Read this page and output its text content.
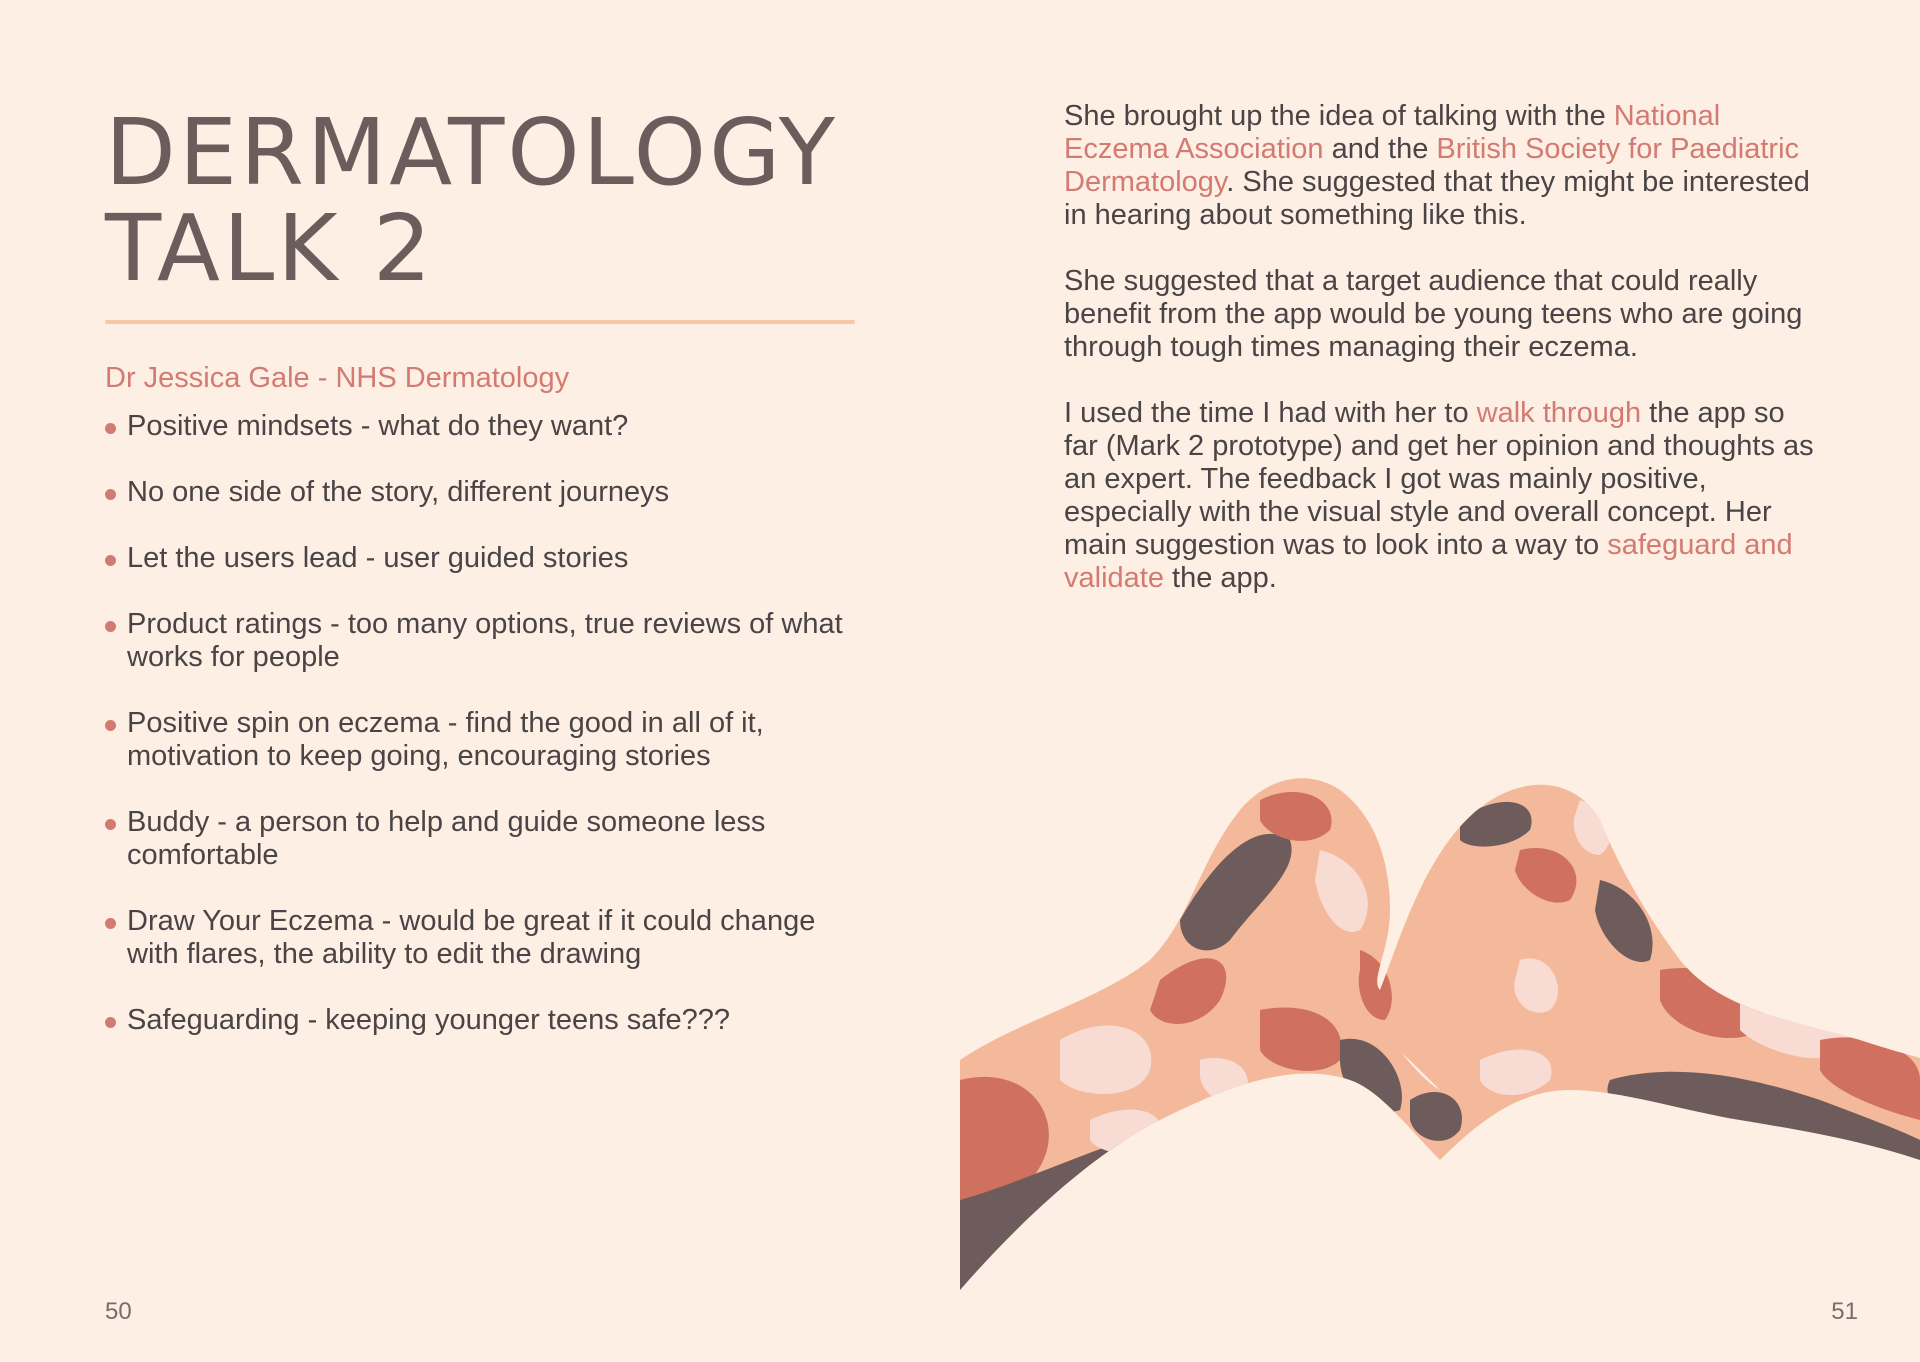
DERMATOLOGY
TALK 2
Dr Jessica Gale - NHS Dermatology
Positive mindsets - what do they want?
No one side of the story, different journeys
Let the users lead - user guided stories
Product ratings - too many options, true reviews of what works for people
Positive spin on eczema - find the good in all of it, motivation to keep going, encouraging stories
Buddy - a person to help and guide someone less comfortable
Draw Your Eczema - would be great if it could change with flares, the ability to edit the drawing
Safeguarding - keeping younger teens safe???
50

She brought up the idea of talking with the National Eczema Association and the British Society for Paediatric Dermatology. She suggested that they might be interested in hearing about something like this.

She suggested that a target audience that could really benefit from the app would be young teens who are going through tough times managing their eczema.

I used the time I had with her to walk through the app so far (Mark 2 prototype) and get her opinion and thoughts as an expert. The feedback I got was mainly positive, especially with the visual style and overall concept. Her main suggestion was to look into a way to safeguard and validate the app.

51
